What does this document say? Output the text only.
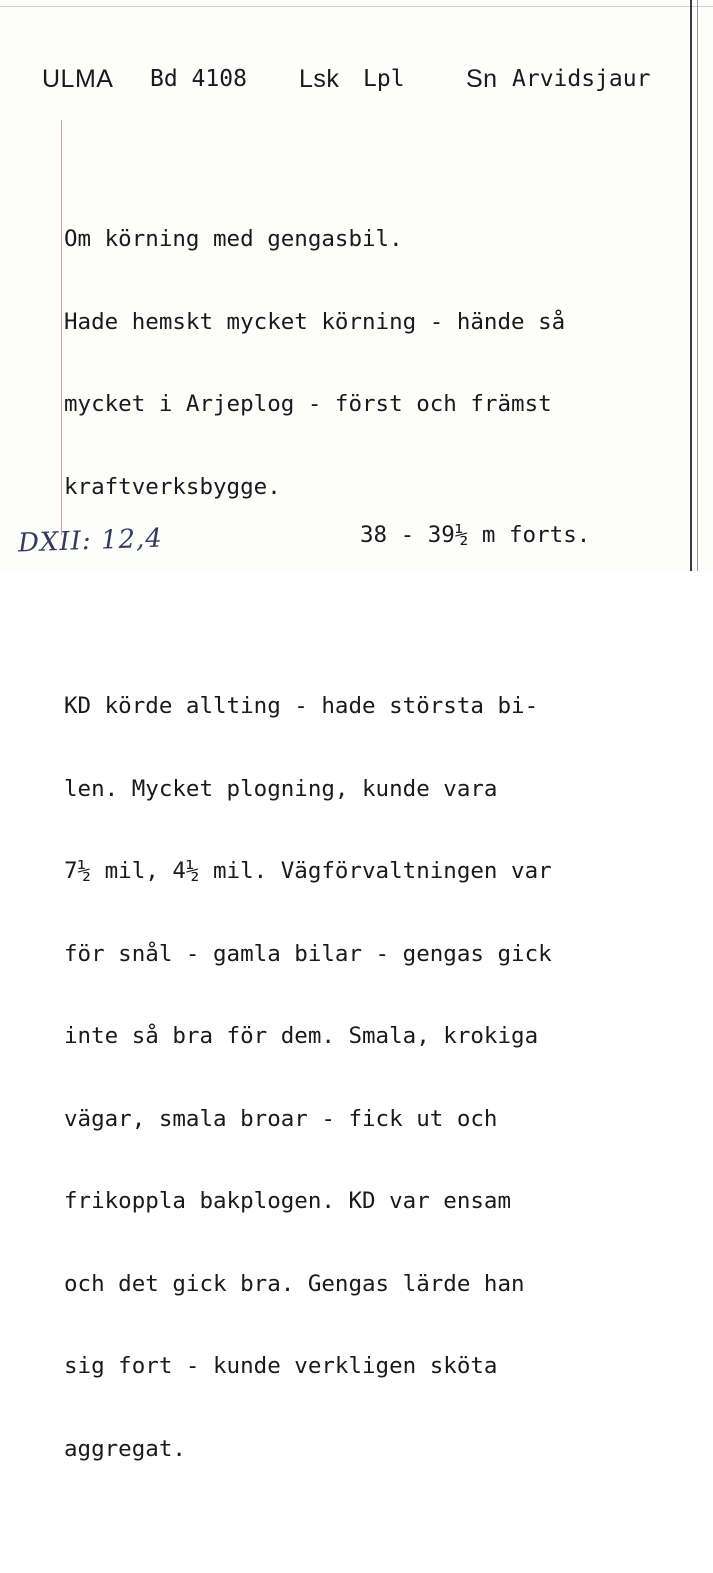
ULMA Bd 4108 Lsk Lpl Sn Arvidsjaur

Om körning med gengasbil.

Hade hemskt mycket körning - hände så

mycket i Arjeplog - först och främst

kraftverksbygge.

KD körde allting - hade största bi-

len. Mycket plogning, kunde vara

7½ mil, 4½ mil. Vägförvaltningen var

för snål - gamla bilar - gengas gick

inte så bra för dem. Smala, krokiga

vägar, smala broar - fick ut och

frikoppla bakplogen. KD var ensam

och det gick bra. Gengas lärde han

sig fort - kunde verkligen sköta

aggregat.

38 - 39½ m forts.
DXII: 12,4
